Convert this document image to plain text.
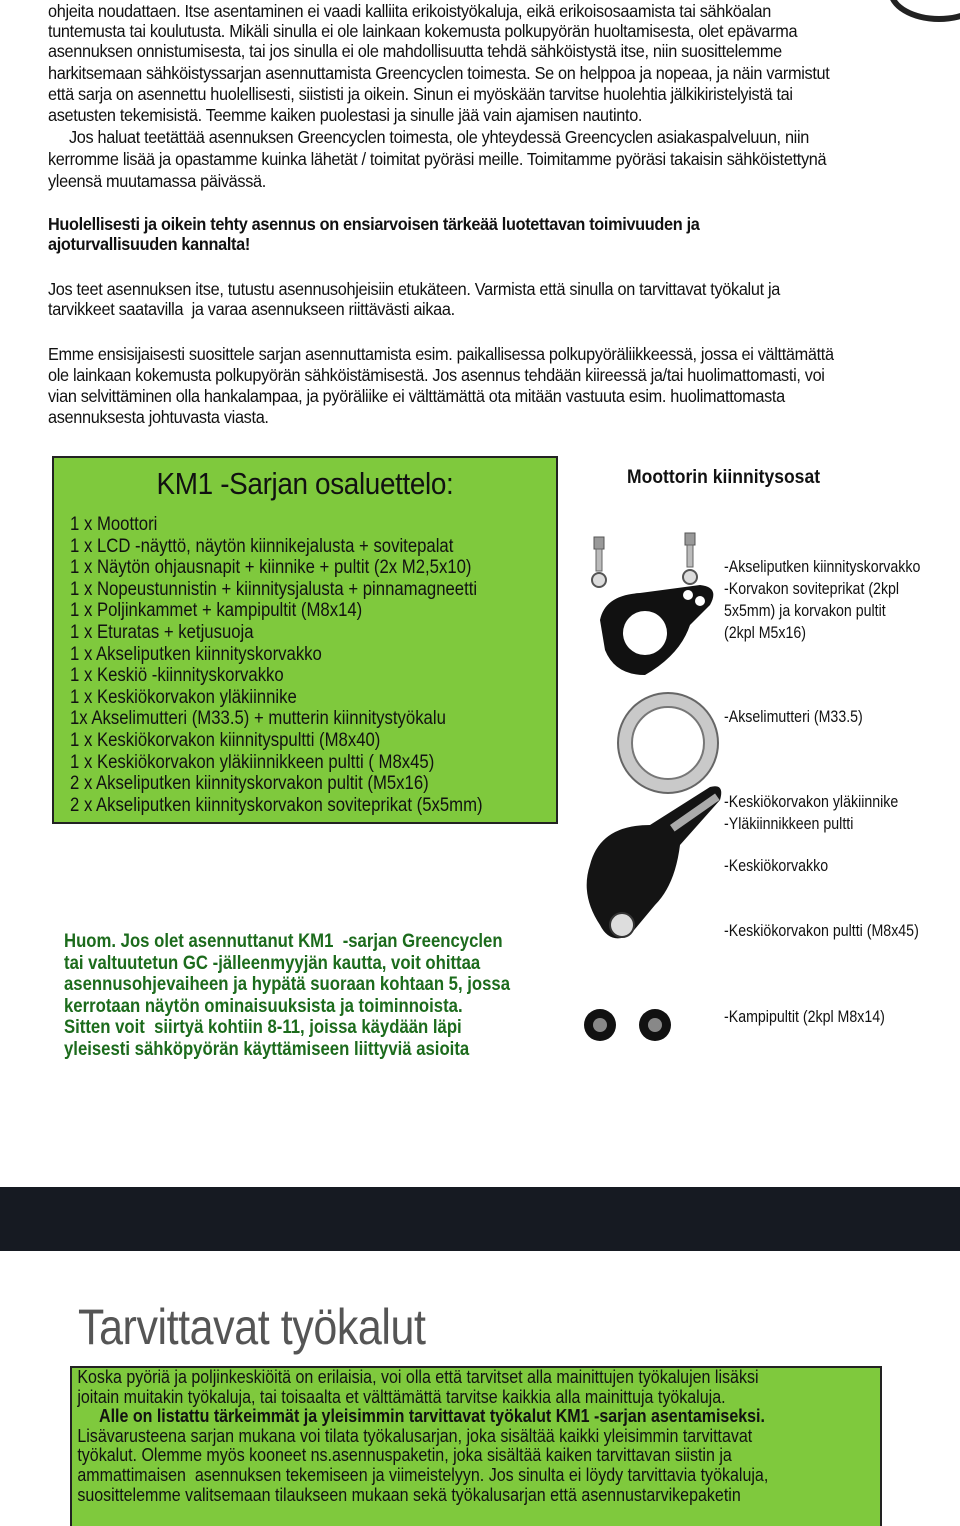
ohjeita noudattaen. Itse asentaminen ei vaadi kalliita erikoistyökaluja, eikä erikoisosaamista tai sähköalan

tuntemusta tai koulutusta. Mikäli sinulla ei ole lainkaan kokemusta polkupyörän huoltamisesta, olet epävarma

asennuksen onnistumisesta, tai jos sinulla ei ole mahdollisuutta tehdä sähköistystä itse, niin suosittelemme

harkitsemaan sähköistyssarjan asennuttamista Greencyclen toimesta. Se on helppoa ja nopeaa, ja näin varmistut

että sarja on asennettu huolellisesti, siististi ja oikein. Sinun ei myöskään tarvitse huolehtia jälkikiristelyistä tai

asetusten tekemisistä. Teemme kaiken puolestasi ja sinulle jää vain ajamisen nautinto.

Jos haluat teetättää asennuksen Greencyclen toimesta, ole yhteydessä Greencyclen asiakaspalveluun, niin

kerromme lisää ja opastamme kuinka lähetät / toimitat pyöräsi meille. Toimitamme pyöräsi takaisin sähköistettynä

yleensä muutamassa päivässä.

Huolellisesti ja oikein tehty asennus on ensiarvoisen tärkeää luotettavan toimivuuden ja

ajoturvallisuuden kannalta!

Jos teet asennuksen itse, tutustu asennusohjeisiin etukäteen. Varmista että sinulla on tarvittavat työkalut ja

tarvikkeet saatavilla  ja varaa asennukseen riittävästi aikaa.

Emme ensisijaisesti suosittele sarjan asennuttamista esim. paikallisessa polkupyöräliikkeessä, jossa ei välttämättä

ole lainkaan kokemusta polkupyörän sähköistämisestä. Jos asennus tehdään kiireessä ja/tai huolimattomasti, voi

vian selvittäminen olla hankalampaa, ja pyöräliike ei välttämättä ota mitään vastuuta esim. huolimattomasta

asennuksesta johtuvasta viasta.

KM1 -Sarjan osaluettelo:
1 x Moottori
1 x LCD -näyttö, näytön kiinnikejalusta + sovitepalat
1 x Näytön ohjausnapit + kiinnike + pultit (2x M2,5x10)
1 x Nopeustunnistin + kiinnitysjalusta + pinnamagneetti
1 x Poljinkammet + kampipultit (M8x14)
1 x Eturatas + ketjusuoja
1 x Akseliputken kiinnityskorvakko
1 x Keskiö -kiinnityskorvakko
1 x Keskiökorvakon yläkiinnike
1x Akselimutteri (M33.5) + mutterin kiinnitystyökalu
1 x Keskiökorvakon kiinnityspultti (M8x40)
1 x Keskiökorvakon yläkiinnikkeen pultti ( M8x45)
2 x Akseliputken kiinnityskorvakon pultit (M5x16)
2 x Akseliputken kiinnityskorvakon soviteprikat (5x5mm)
Moottorin kiinnitysosat
-Akseliputken kiinnityskorvakko
-Korvakon soviteprikat (2kpl
5x5mm) ja korvakon pultit
(2kpl M5x16)
-Akselimutteri (M33.5)
-Keskiökorvakon yläkiinnike
-Yläkiinnikkeen pultti
-Keskiökorvakko
-Keskiökorvakon pultti (M8x45)
-Kampipultit (2kpl M8x14)
Huom. Jos olet asennuttanut KM1  -sarjan Greencyclen
tai valtuutetun GC -jälleenmyyjän kautta, voit ohittaa
asennusohjevaiheen ja hypätä suoraan kohtaan 5, jossa
kerrotaan näytön ominaisuuksista ja toiminnoista.
Sitten voit  siirtyä kohtiin 8-11, joissa käydään läpi
yleisesti sähköpyörän käyttämiseen liittyviä asioita
Tarvittavat työkalut

Koska pyöriä ja poljinkeskiöitä on erilaisia, voi olla että tarvitset alla mainittujen työkalujen lisäksi

joitain muitakin työkaluja, tai toisaalta et välttämättä tarvitse kaikkia alla mainittuja työkaluja.

Alle on listattu tärkeimmät ja yleisimmin tarvittavat työkalut KM1 -sarjan asentamiseksi.

Lisävarusteena sarjan mukana voi tilata työkalusarjan, joka sisältää kaikki yleisimmin tarvittavat

työkalut. Olemme myös kooneet ns.asennuspaketin, joka sisältää kaiken tarvittavan siistin ja

ammattimaisen  asennuksen tekemiseen ja viimeistelyyn. Jos sinulta ei löydy tarvittavia työkaluja,

suosittelemme valitsemaan tilaukseen mukaan sekä työkalusarjan että asennustarvikepaketin
